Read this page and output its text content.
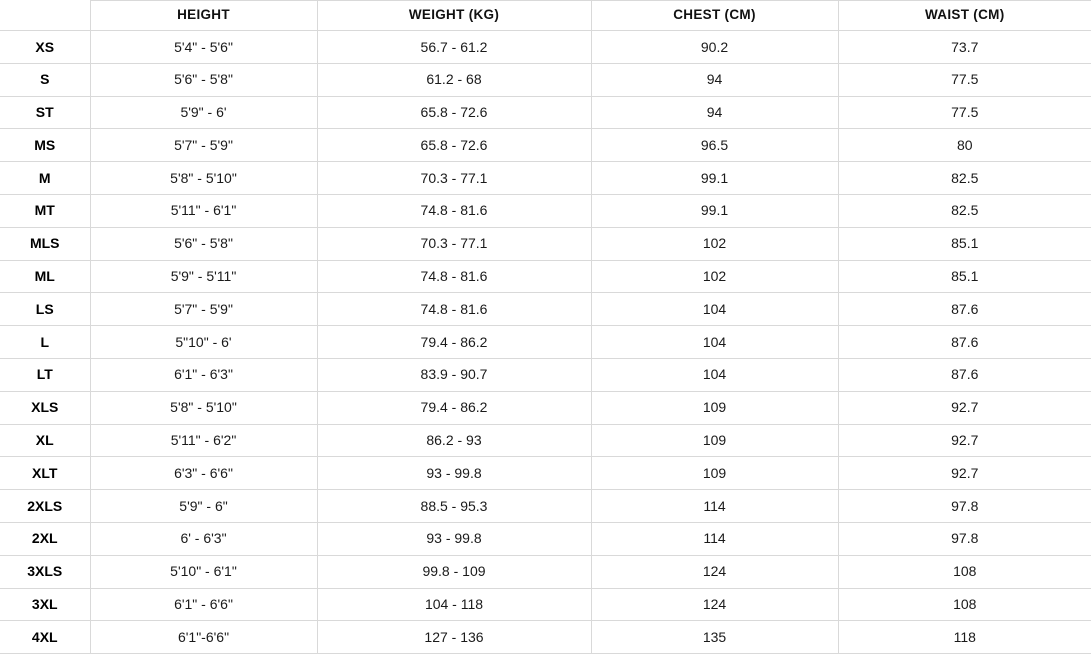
	HEIGHT	WEIGHT (KG)	CHEST (CM)	WAIST (CM)
XS	5'4" - 5'6"	56.7 - 61.2	90.2	73.7
S	5'6" - 5'8"	61.2 - 68	94	77.5
ST	5'9" - 6'	65.8 - 72.6	94	77.5
MS	5'7" - 5'9"	65.8 - 72.6	96.5	80
M	5'8" - 5'10"	70.3 - 77.1	99.1	82.5
MT	5'11" - 6'1"	74.8 - 81.6	99.1	82.5
MLS	5'6" - 5'8"	70.3 - 77.1	102	85.1
ML	5'9" - 5'11"	74.8 - 81.6	102	85.1
LS	5'7" - 5'9"	74.8 - 81.6	104	87.6
L	5"10" - 6'	79.4 - 86.2	104	87.6
LT	6'1" - 6'3"	83.9 - 90.7	104	87.6
XLS	5'8" - 5'10"	79.4 - 86.2	109	92.7
XL	5'11" - 6'2"	86.2 - 93	109	92.7
XLT	6'3" - 6'6"	93 - 99.8	109	92.7
2XLS	5'9" - 6"	88.5 - 95.3	114	97.8
2XL	6' - 6'3"	93 - 99.8	114	97.8
3XLS	5'10" - 6'1"	99.8 - 109	124	108
3XL	6'1" - 6'6"	104 - 118	124	108
4XL	6'1"-6'6"	127 - 136	135	118
